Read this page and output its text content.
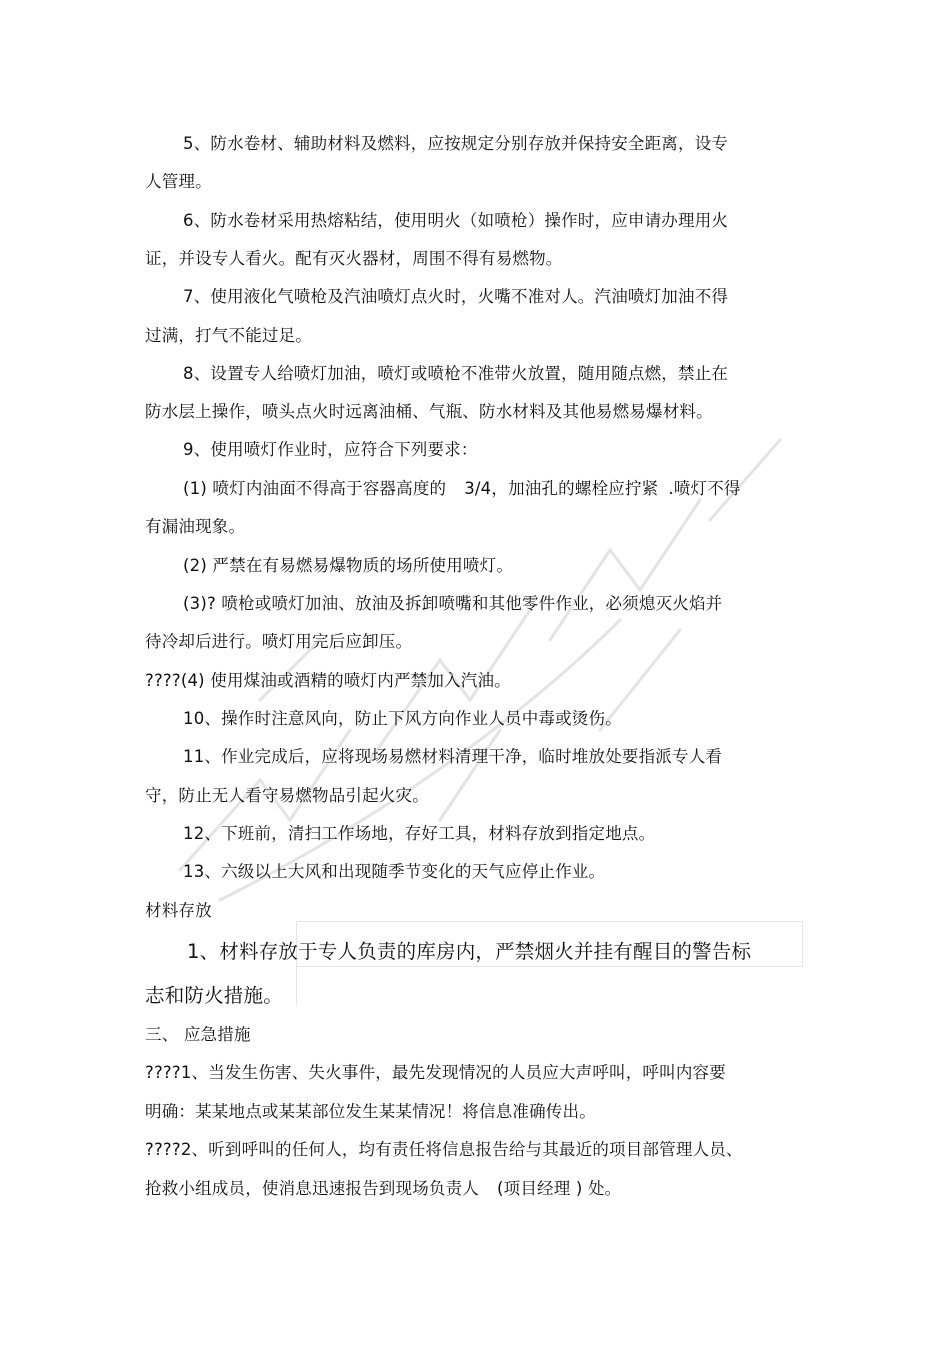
5、防水卷材、辅助材料及燃料，应按规定分别存放并保持安全距离，设专
人管理。
6、防水卷材采用热熔粘结，使用明火（如喷枪）操作时，应申请办理用火
证，并设专人看火。配有灭火器材，周围不得有易燃物。
7、使用液化气喷枪及汽油喷灯点火时，火嘴不准对人。汽油喷灯加油不得
过满，打气不能过足。
8、设置专人给喷灯加油，喷灯或喷枪不准带火放置，随用随点燃，禁止在
防水层上操作，喷头点火时远离油桶、气瓶、防水材料及其他易燃易爆材料。
9、使用喷灯作业时，应符合下列要求：
(1) 喷灯内油面不得高于容器高度的 3/4，加油孔的螺栓应拧紧 .喷灯不得
有漏油现象。
(2) 严禁在有易燃易爆物质的场所使用喷灯。
(3)? 喷枪或喷灯加油、放油及拆卸喷嘴和其他零件作业，必须熄灭火焰并
待冷却后进行。喷灯用完后应卸压。
????(4) 使用煤油或酒精的喷灯内严禁加入汽油。
10、操作时注意风向，防止下风方向作业人员中毒或烫伤。
11、作业完成后，应将现场易燃材料清理干净，临时堆放处要指派专人看
守，防止无人看守易燃物品引起火灾。
12、下班前，清扫工作场地，存好工具，材料存放到指定地点。
13、六级以上大风和出现随季节变化的天气应停止作业。
材料存放
1、材料存放于专人负责的库房内，严禁烟火并挂有醒目的警告标
志和防火措施。
三、 应急措施
????1、当发生伤害、失火事件，最先发现情况的人员应大声呼叫，呼叫内容要
明确：某某地点或某某部位发生某某情况！将信息准确传出。
????2、听到呼叫的任何人，均有责任将信息报告给与其最近的项目部管理人员、
抢救小组成员，使消息迅速报告到现场负责人 (项目经理 ) 处。
